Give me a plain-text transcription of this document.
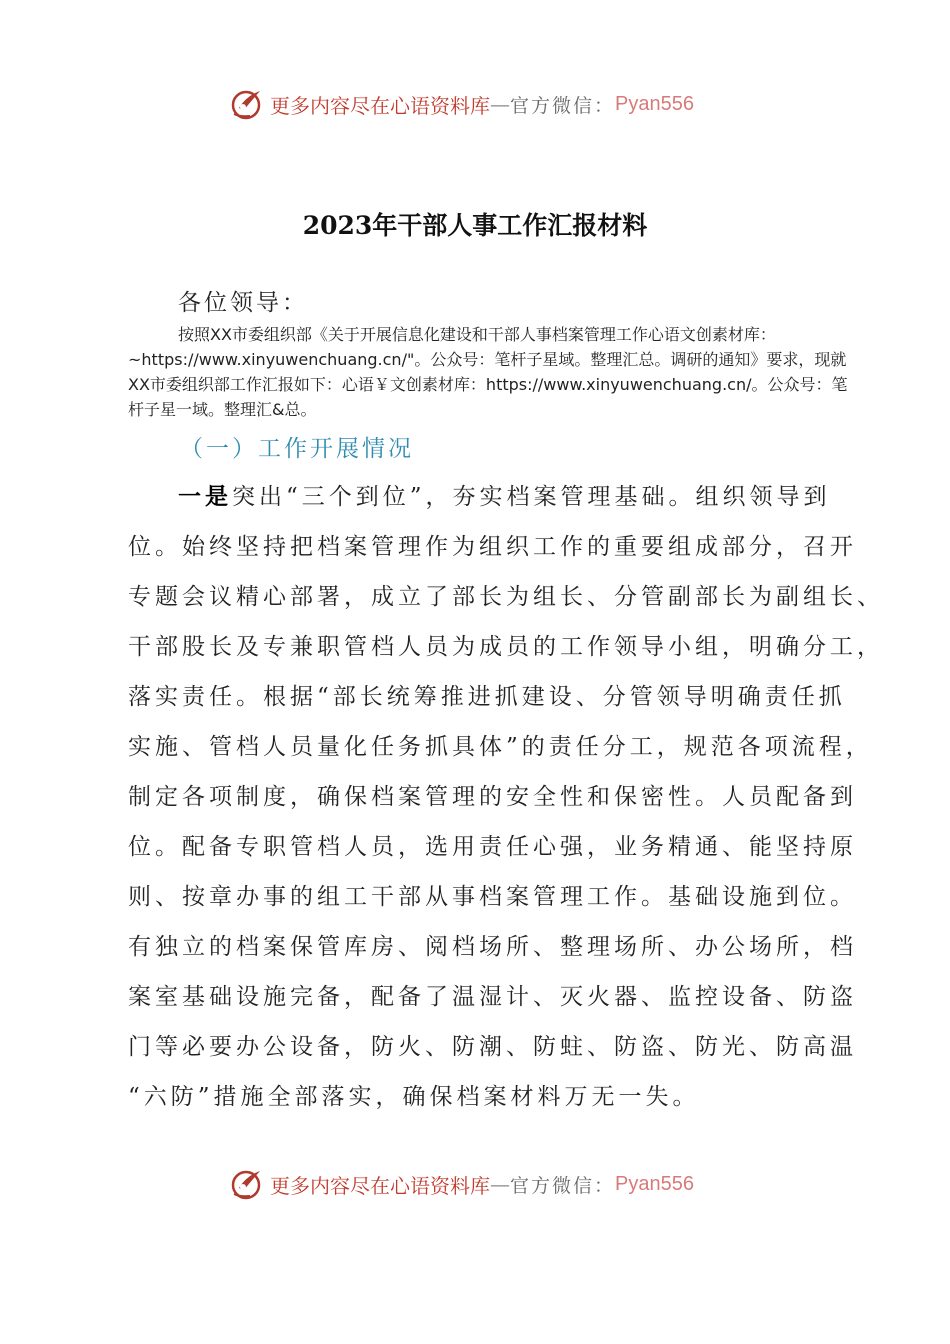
更多内容尽在心语资料库 — 官方微信： Pyan556
2023年干部人事工作汇报材料
各位领导：
按照XX市委组织部《关于开展信息化建设和干部人事档案管理工作心语文创素材库：
~https://www.xinyuwenchuang.cn/"。公众号：笔杆子星域。整理汇总。调研的通知》要求，现就
XX市委组织部工作汇报如下：心语￥文创素材库：https://www.xinyuwenchuang.cn/。公众号：笔
杆子星一域。整理汇&总。
（一）工作开展情况
一是突出“三个到位”，夯实档案管理基础。组织领导到
位。始终坚持把档案管理作为组织工作的重要组成部分，召开
专题会议精心部署，成立了部长为组长、分管副部长为副组长、
干部股长及专兼职管档人员为成员的工作领导小组，明确分工，
落实责任。根据“部长统筹推进抓建设、分管领导明确责任抓
实施、管档人员量化任务抓具体”的责任分工，规范各项流程，
制定各项制度，确保档案管理的安全性和保密性。人员配备到
位。配备专职管档人员，选用责任心强，业务精通、能坚持原
则、按章办事的组工干部从事档案管理工作。基础设施到位。
有独立的档案保管库房、阅档场所、整理场所、办公场所，档
案室基础设施完备，配备了温湿计、灭火器、监控设备、防盗
门等必要办公设备，防火、防潮、防蛀、防盗、防光、防高温
“六防”措施全部落实，确保档案材料万无一失。
更多内容尽在心语资料库 — 官方微信： Pyan556
